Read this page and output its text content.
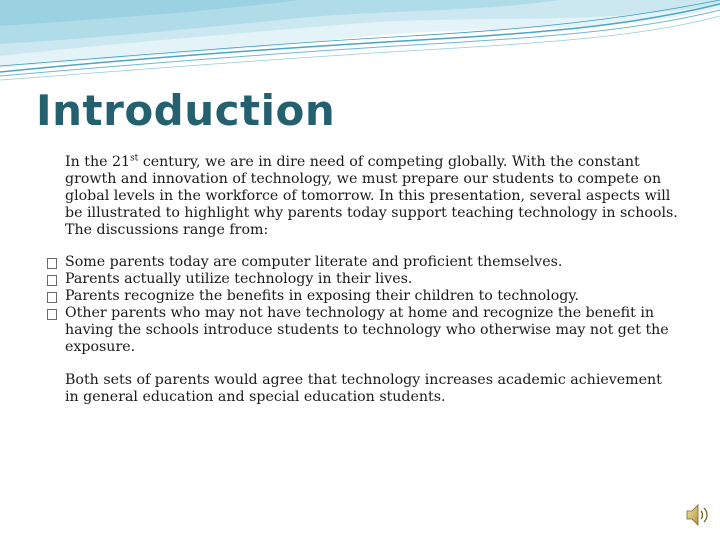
Introduction

In the 21st century, we are in dire need of competing globally. With the constant growth and innovation of technology, we must prepare our students to compete on global levels in the workforce of tomorrow. In this presentation, several aspects will be illustrated to highlight why parents today support teaching technology in schools. The discussions range from:

Some parents today are computer literate and proficient themselves.
Parents actually utilize technology in their lives.
Parents recognize the benefits in exposing their children to technology.
Other parents who may not have technology at home and recognize the benefit in having the schools introduce students to technology who otherwise may not get the exposure.

Both sets of parents would agree that technology increases academic achievement in general education and special education students.
